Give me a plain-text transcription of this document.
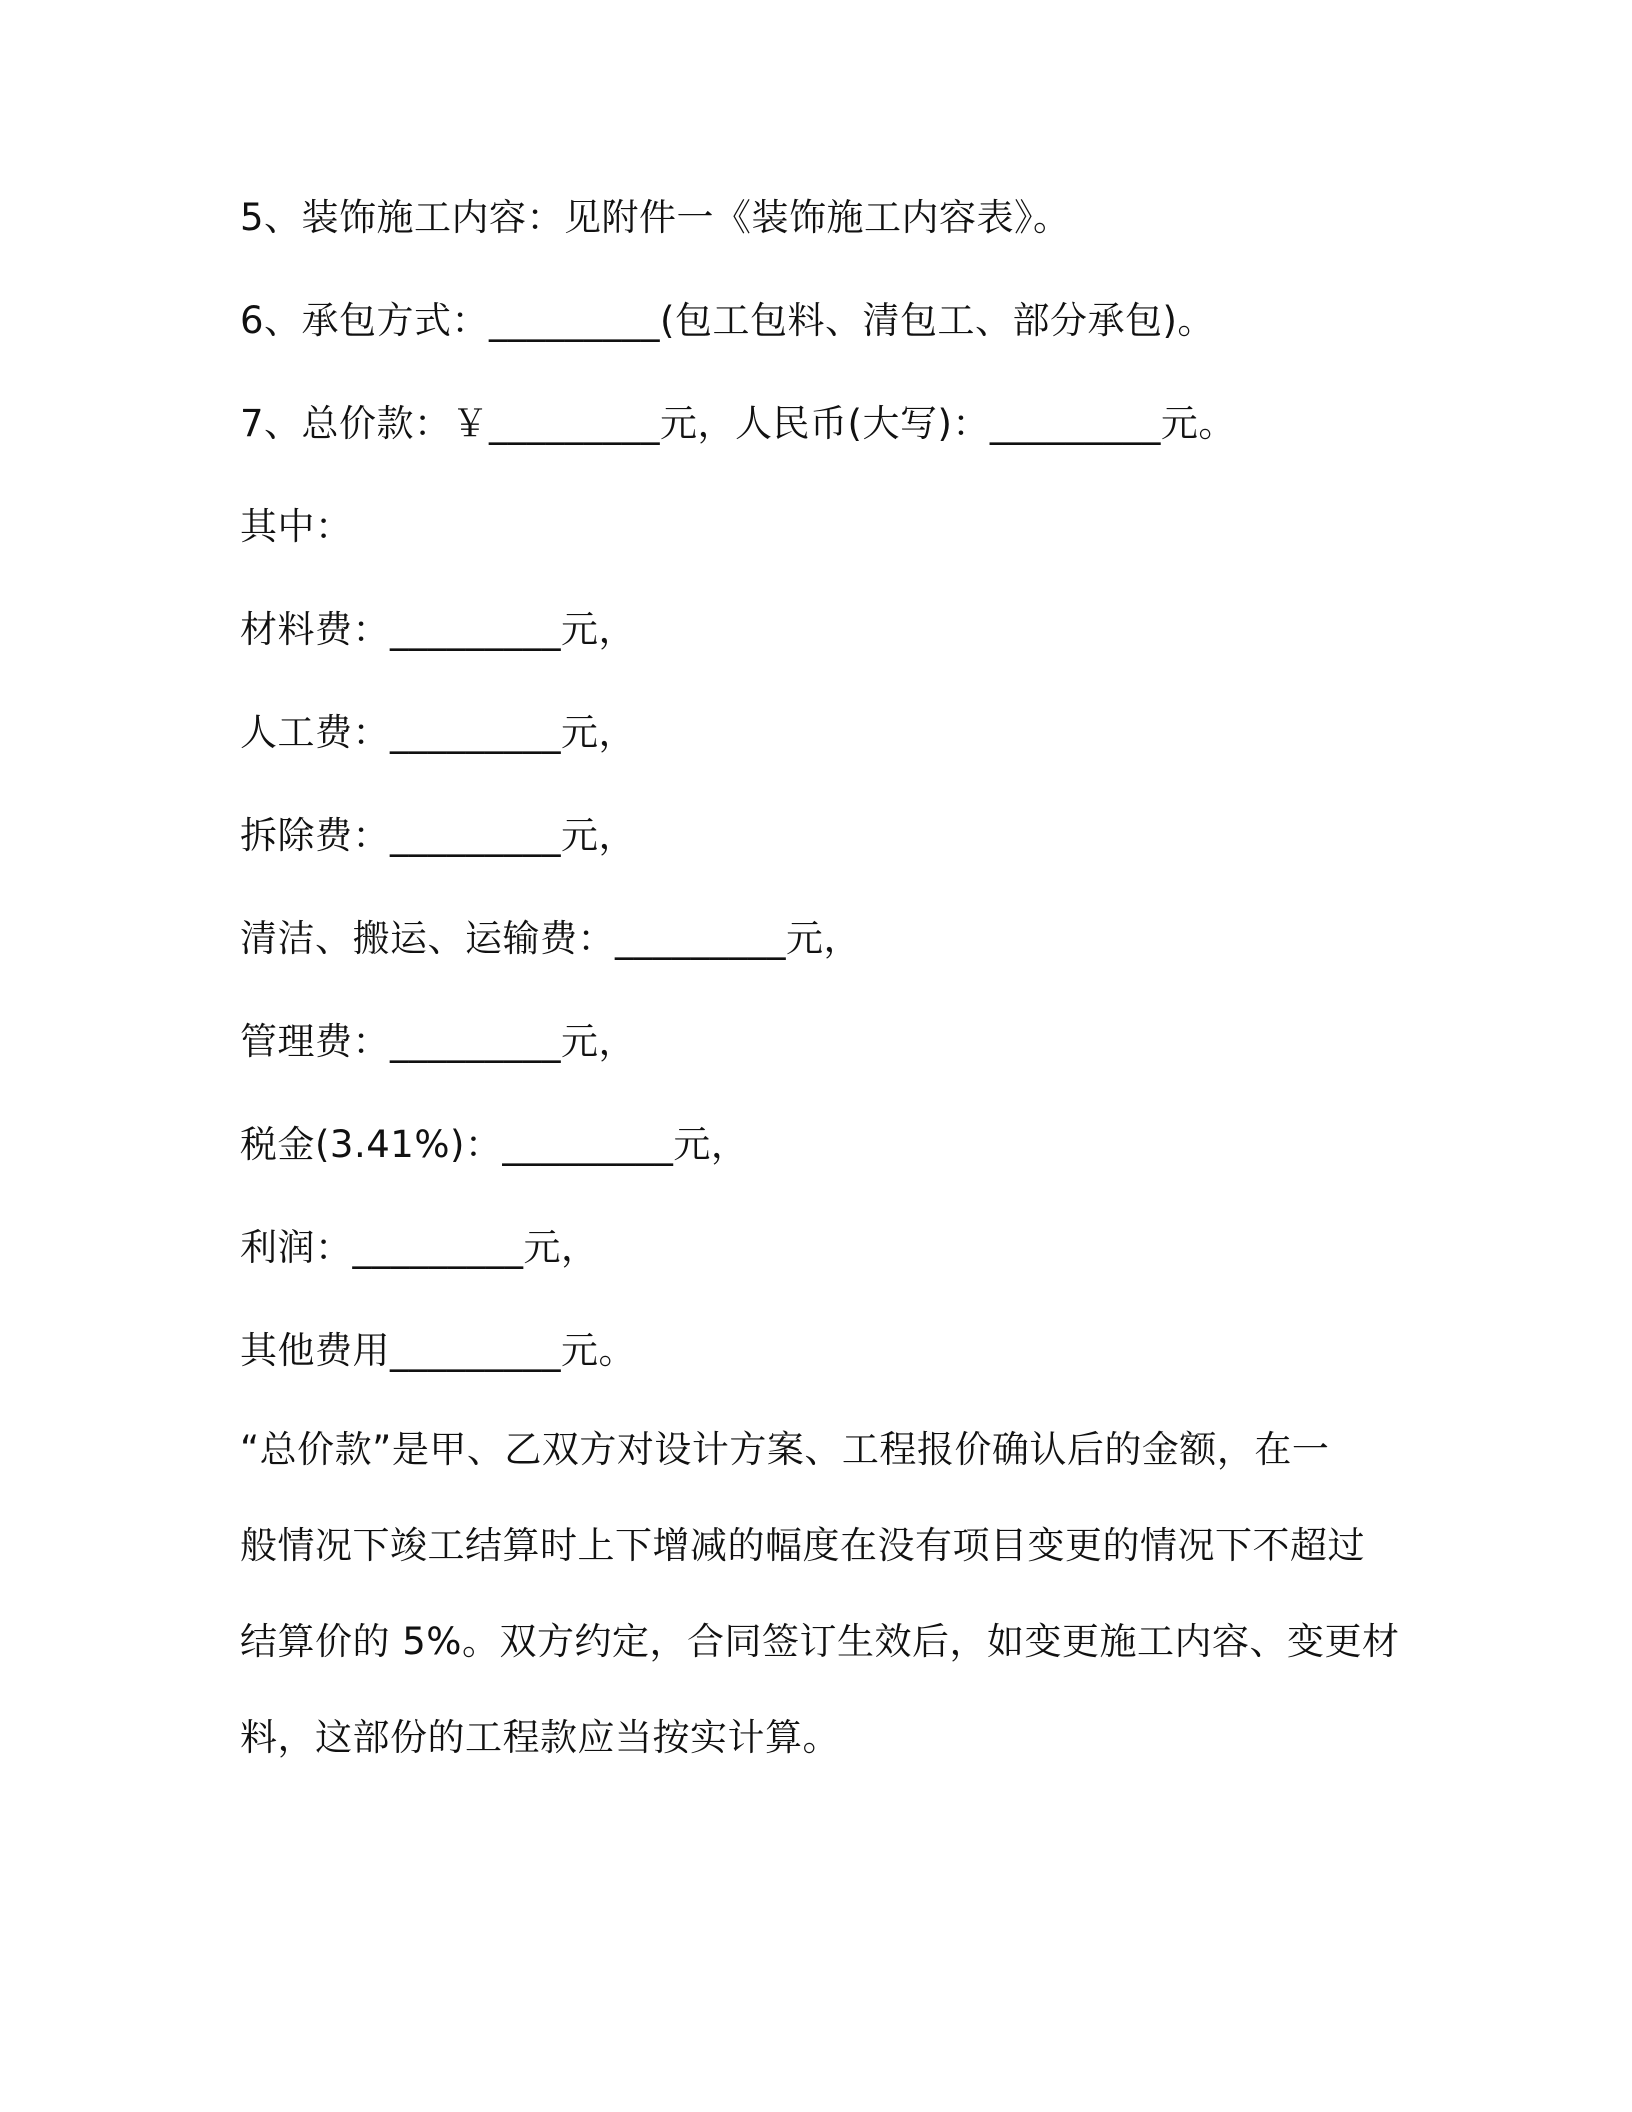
5、装饰施工内容：见附件一《装饰施工内容表》。
6、承包方式：_________(包工包料、清包工、部分承包)。
7、总价款：￥_________元，人民币(大写)：_________元。
其中：
材料费：_________元，
人工费：_________元，
拆除费：_________元，
清洁、搬运、运输费：_________元，
管理费：_________元，
税金(3.41%)：_________元，
利润：_________元，
其他费用_________元。
“总价款”是甲、乙双方对设计方案、工程报价确认后的金额，在一
般情况下竣工结算时上下增减的幅度在没有项目变更的情况下不超过
结算价的 5%。双方约定，合同签订生效后，如变更施工内容、变更材
料，这部份的工程款应当按实计算。
